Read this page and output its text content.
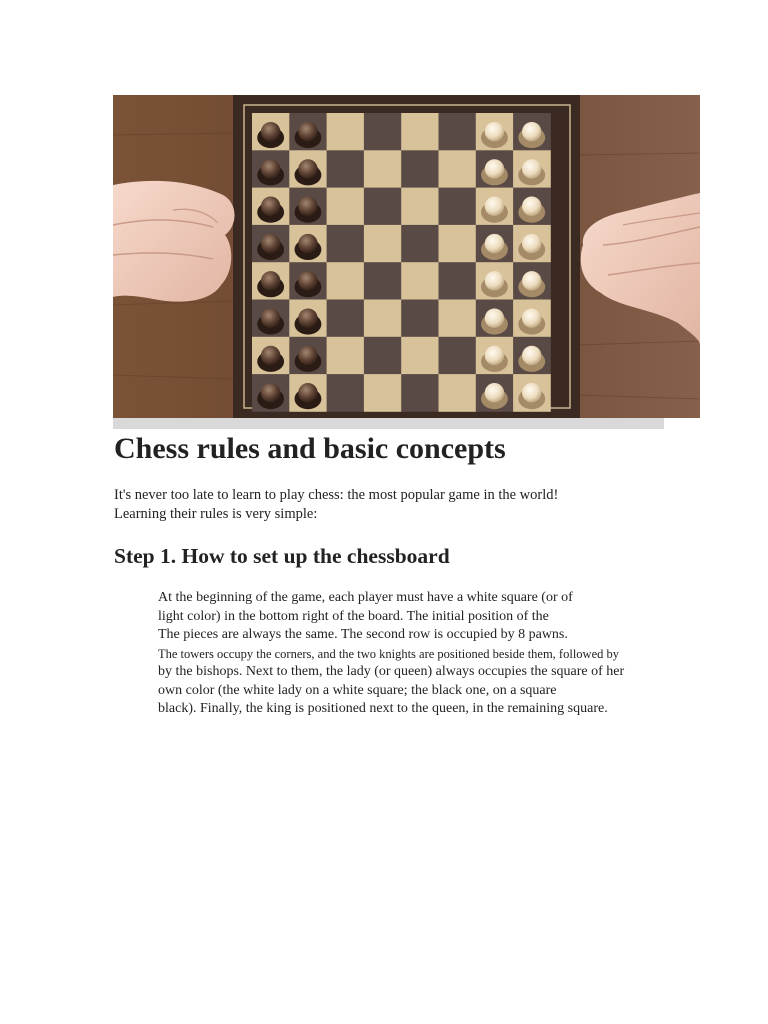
Chess rules and basic concepts

It's never too late to learn to play chess: the most popular game in the world!
Learning their rules is very simple:

Step 1. How to set up the chessboard

At the beginning of the game, each player must have a white square (or of
light color) in the bottom right of the board. The initial position of the
The pieces are always the same. The second row is occupied by 8 pawns.
The towers occupy the corners, and the two knights are positioned beside them, followed by
by the bishops. Next to them, the lady (or queen) always occupies the square of her
own color (the white lady on a white square; the black one, on a square
black). Finally, the king is positioned next to the queen, in the remaining square.
